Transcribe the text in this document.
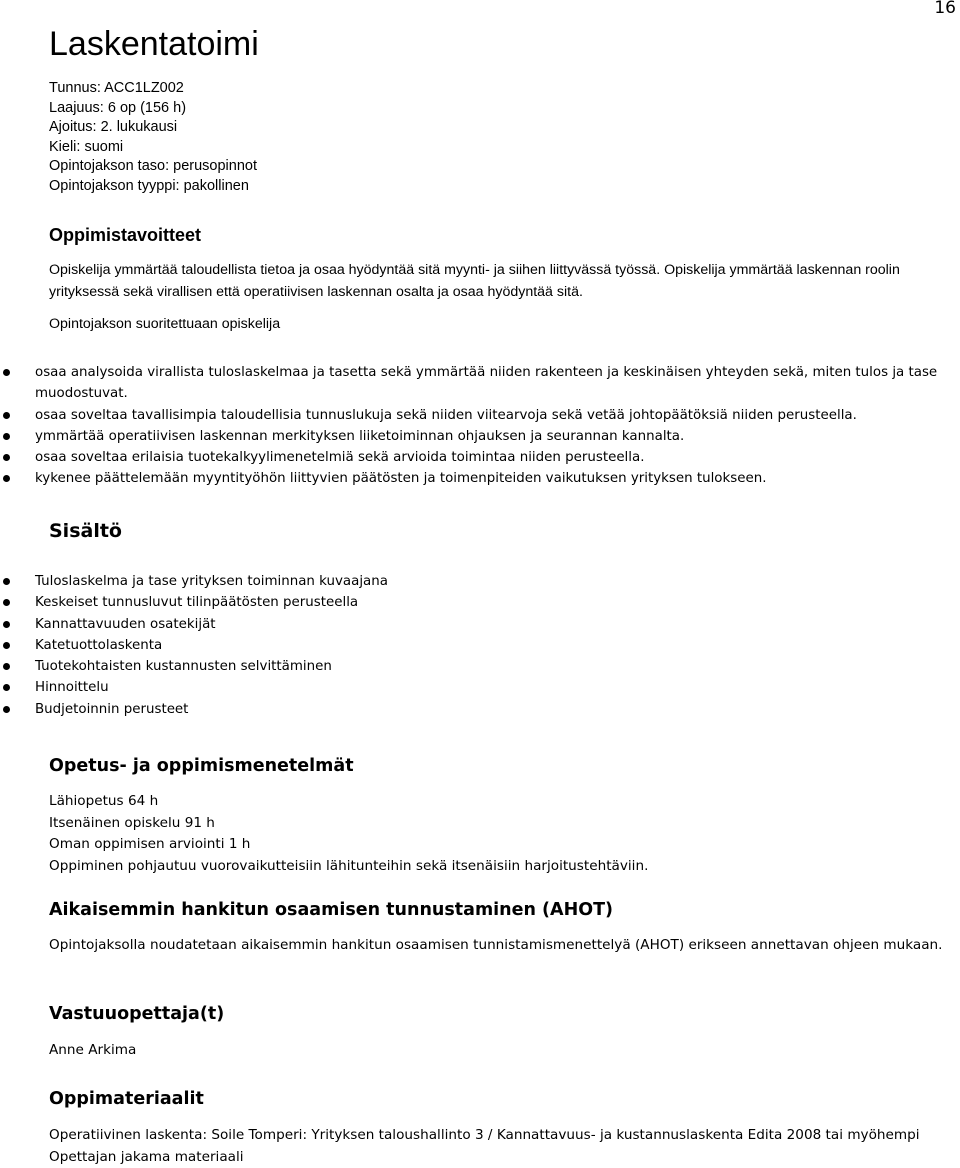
16
Laskentatoimi
Tunnus: ACC1LZ002
Laajuus: 6 op (156 h)
Ajoitus: 2. lukukausi
Kieli: suomi
Opintojakson taso: perusopinnot
Opintojakson tyyppi: pakollinen
Oppimistavoitteet

Opiskelija ymmärtää taloudellista tietoa ja osaa hyödyntää sitä myynti- ja siihen liittyvässä työssä. Opiskelija ymmärtää laskennan roolin yrityksessä sekä virallisen että operatiivisen laskennan osalta ja osaa hyödyntää sitä.

Opintojakson suoritettuaan opiskelija

osaa analysoida virallista tuloslaskelmaa ja tasetta sekä ymmärtää niiden rakenteen ja keskinäisen yhteyden sekä, miten tulos ja tase muodostuvat.
osaa soveltaa tavallisimpia taloudellisia tunnuslukuja sekä niiden viitearvoja sekä vetää johtopäätöksiä niiden perusteella.
ymmärtää operatiivisen laskennan merkityksen liiketoiminnan ohjauksen ja seurannan kannalta.
osaa soveltaa erilaisia tuotekalkyylimenetelmiä sekä arvioida toimintaa niiden perusteella.
kykenee päättelemään myyntityöhön liittyvien päätösten ja toimenpiteiden vaikutuksen yrityksen tulokseen.
Sisältö
Tuloslaskelma ja tase yrityksen toiminnan kuvaajana
Keskeiset tunnusluvut tilinpäätösten perusteella
Kannattavuuden osatekijät
Katetuottolaskenta
Tuotekohtaisten kustannusten selvittäminen
Hinnoittelu
Budjetoinnin perusteet
Opetus- ja oppimismenetelmät
Lähiopetus 64 h
Itsenäinen opiskelu 91 h
Oman oppimisen arviointi 1 h
Oppiminen pohjautuu vuorovaikutteisiin lähitunteihin sekä itsenäisiin harjoitustehtäviin.
Aikaisemmin hankitun osaamisen tunnustaminen (AHOT)

Opintojaksolla noudatetaan aikaisemmin hankitun osaamisen tunnistamismenettelyä (AHOT) erikseen annettavan ohjeen mukaan.

Vastuuopettaja(t)

Anne Arkima

Oppimateriaalit
Operatiivinen laskenta: Soile Tomperi: Yrityksen taloushallinto 3 / Kannattavuus- ja kustannuslaskenta Edita 2008 tai myöhempi
Opettajan jakama materiaali
